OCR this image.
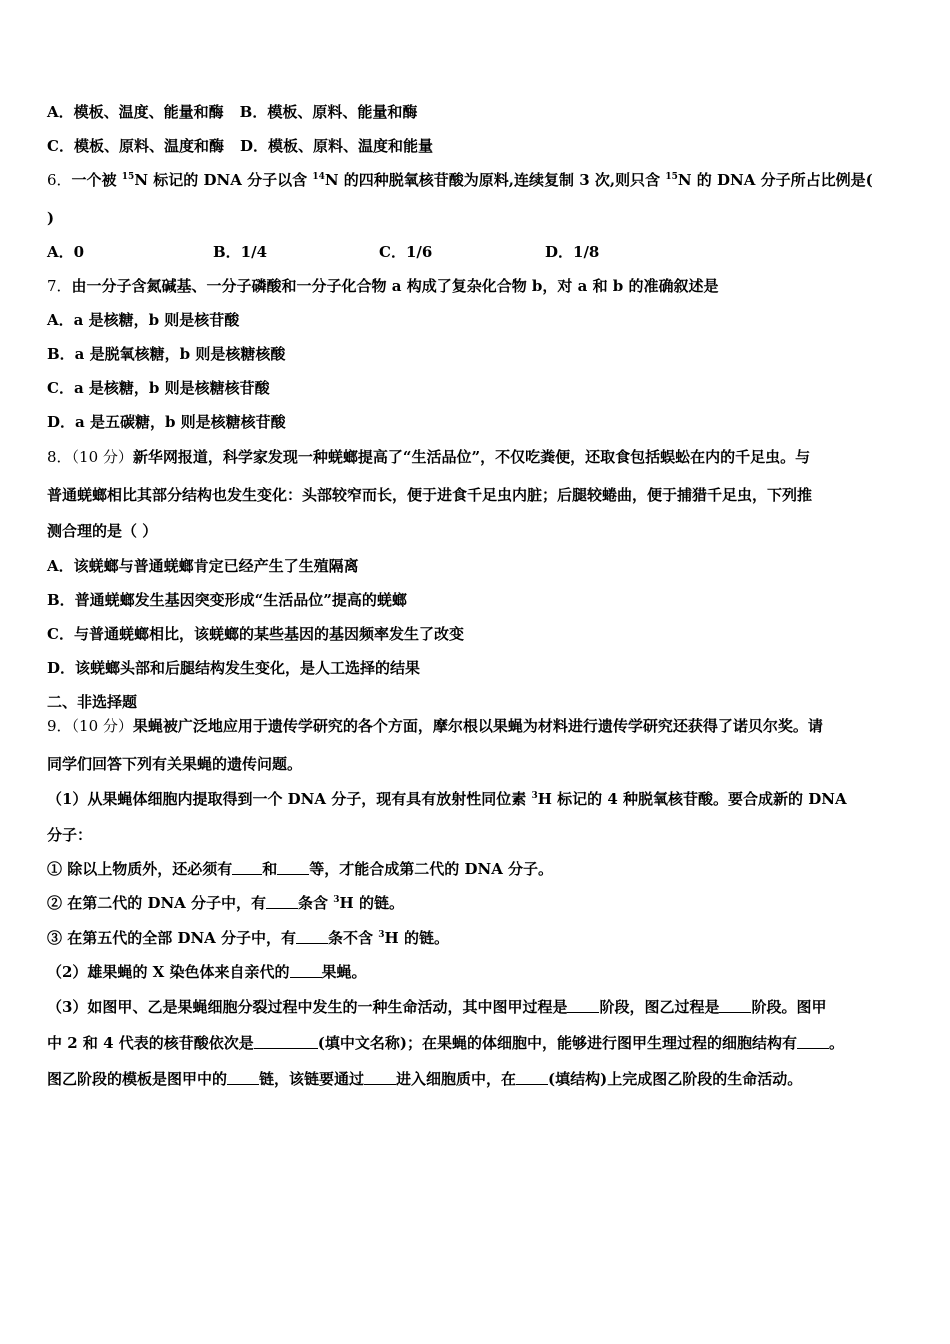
A．模板、温度、能量和酶 B．模板、原料、能量和酶
C．模板、原料、温度和酶 D．模板、原料、温度和能量
6．一个被 $^{15}$N 标记的 DNA 分子以含 $^{14}$N 的四种脱氧核苷酸为原料,连续复制 3 次,则只含 $^{15}$N 的 DNA 分子所占比例是(
)
A．0	B．1/4	C．1/6	D．1/8
7．由一分子含氮碱基、一分子磷酸和一分子化合物 a 构成了复杂化合物 b，对 a 和 b 的准确叙述是
A．a 是核糖，b 则是核苷酸
B．a 是脱氧核糖，b 则是核糖核酸
C．a 是核糖，b 则是核糖核苷酸
D．a 是五碳糖，b 则是核糖核苷酸
8．（10 分）新华网报道，科学家发现一种蜣螂提高了“生活品位”，不仅吃粪便，还取食包括蜈蚣在内的千足虫。与
普通蜣螂相比其部分结构也发生变化：头部较窄而长，便于进食千足虫内脏；后腿较蜷曲，便于捕猎千足虫，下列推
测合理的是（ ）
A．该蜣螂与普通蜣螂肯定已经产生了生殖隔离
B．普通蜣螂发生基因突变形成“生活品位”提高的蜣螂
C．与普通蜣螂相比，该蜣螂的某些基因的基因频率发生了改变
D．该蜣螂头部和后腿结构发生变化，是人工选择的结果
二、非选择题
9．（10 分）果蝇被广泛地应用于遗传学研究的各个方面，摩尔根以果蝇为材料进行遗传学研究还获得了诺贝尔奖。请
同学们回答下列有关果蝇的遗传问题。
（1）从果蝇体细胞内提取得到一个 DNA 分子，现有具有放射性同位素 $^3$H 标记的 4 种脱氧核苷酸。要合成新的 DNA
分子：
① 除以上物质外，还必须有 和 等，才能合成第二代的 DNA 分子。
② 在第二代的 DNA 分子中，有 条含 $^3$H 的链。
③ 在第五代的全部 DNA 分子中，有 条不含 $^3$H 的链。
（2）雄果蝇的 X 染色体来自亲代的 果蝇。
（3）如图甲、乙是果蝇细胞分裂过程中发生的一种生命活动，其中图甲过程是 阶段，图乙过程是 阶段。图甲
中 2 和 4 代表的核苷酸依次是	(填中文名称)；在果蝇的体细胞中，能够进行图甲生理过程的细胞结构有 。
图乙阶段的模板是图甲中的 链，该链要通过 进入细胞质中，在 (填结构)上完成图乙阶段的生命活动。
